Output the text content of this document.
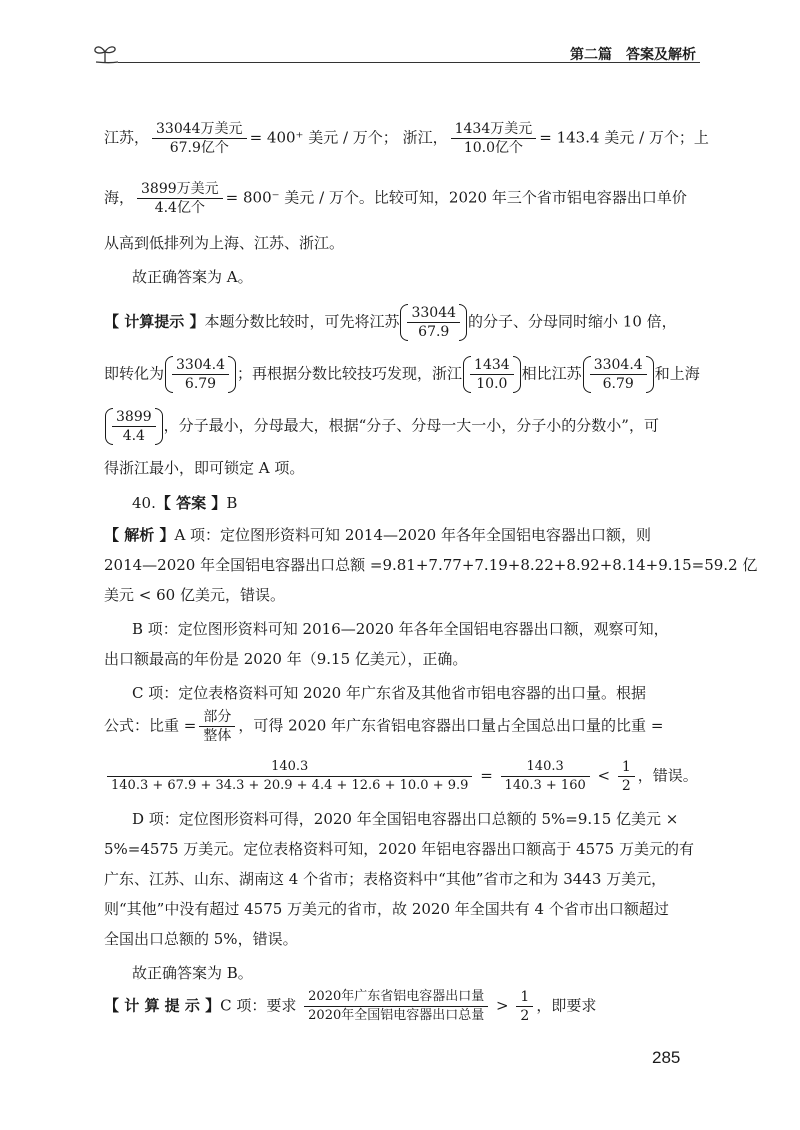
第二篇　答案及解析
江苏， $\frac{\text{33044万美元}}{\text{67.9亿个}} = 400^+$ 美元 / 万个； 浙江， $\frac{\text{1434万美元}}{\text{10.0亿个}} = 143.4$ 美元 / 万个；上
海， $\frac{\text{3899万美元}}{\text{4.4亿个}} = 800^-$ 美元 / 万个。比较可知，2020 年三个省市铝电容器出口单价
从高到低排列为上海、江苏、浙江。
故正确答案为 A。
【 计算提示 】本题分数比较时，可先将江苏 $\frac{33044}{67.9}$ 的分子、分母同时缩小 10 倍，
即转化为 $\frac{3304.4}{6.79}$ ；再根据分数比较技巧发现，浙江 $\frac{1434}{10.0}$ 相比江苏 $\frac{3304.4}{6.79}$ 和上海
$\frac{3899}{4.4}$ ，分子最小，分母最大，根据“分子、分母一大一小，分子小的分数小”，可
得浙江最小，即可锁定 A 项。
40.【 答案 】B
【 解析 】A 项：定位图形资料可知 2014—2020 年各年全国铝电容器出口额，则
2014—2020 年全国铝电容器出口总额 =9.81+7.77+7.19+8.22+8.92+8.14+9.15=59.2 亿
美元 < 60 亿美元，错误。
B 项：定位图形资料可知 2016—2020 年各年全国铝电容器出口额，观察可知，
出口额最高的年份是 2020 年（9.15 亿美元），正确。
C 项：定位表格资料可知 2020 年广东省及其他省市铝电容器的出口量。根据
公式：比重 = $\frac{\text{部分}}{\text{整体}}$ ，可得 2020 年广东省铝电容器出口量占全国总出口量的比重 =
$\frac{140.3}{140.3 + 67.9 + 34.3 + 20.9 + 4.4 + 12.6 + 10.0 + 9.9} = \frac{140.3}{140.3 + 160} < \frac{1}{2}$ ，错误。
D 项：定位图形资料可得，2020 年全国铝电容器出口总额的 5%=9.15 亿美元 ×
5%=4575 万美元。定位表格资料可知，2020 年铝电容器出口额高于 4575 万美元的有
广东、江苏、山东、湖南这 4 个省市；表格资料中“其他”省市之和为 3443 万美元，
则“其他”中没有超过 4575 万美元的省市，故 2020 年全国共有 4 个省市出口额超过
全国出口总额的 5%，错误。
故正确答案为 B。
【 计 算 提 示 】C 项：要求 $\frac{\text{2020年广东省铝电容器出口量}}{\text{2020年全国铝电容器出口总量}} > \frac{1}{2}$ ，即要求
285
